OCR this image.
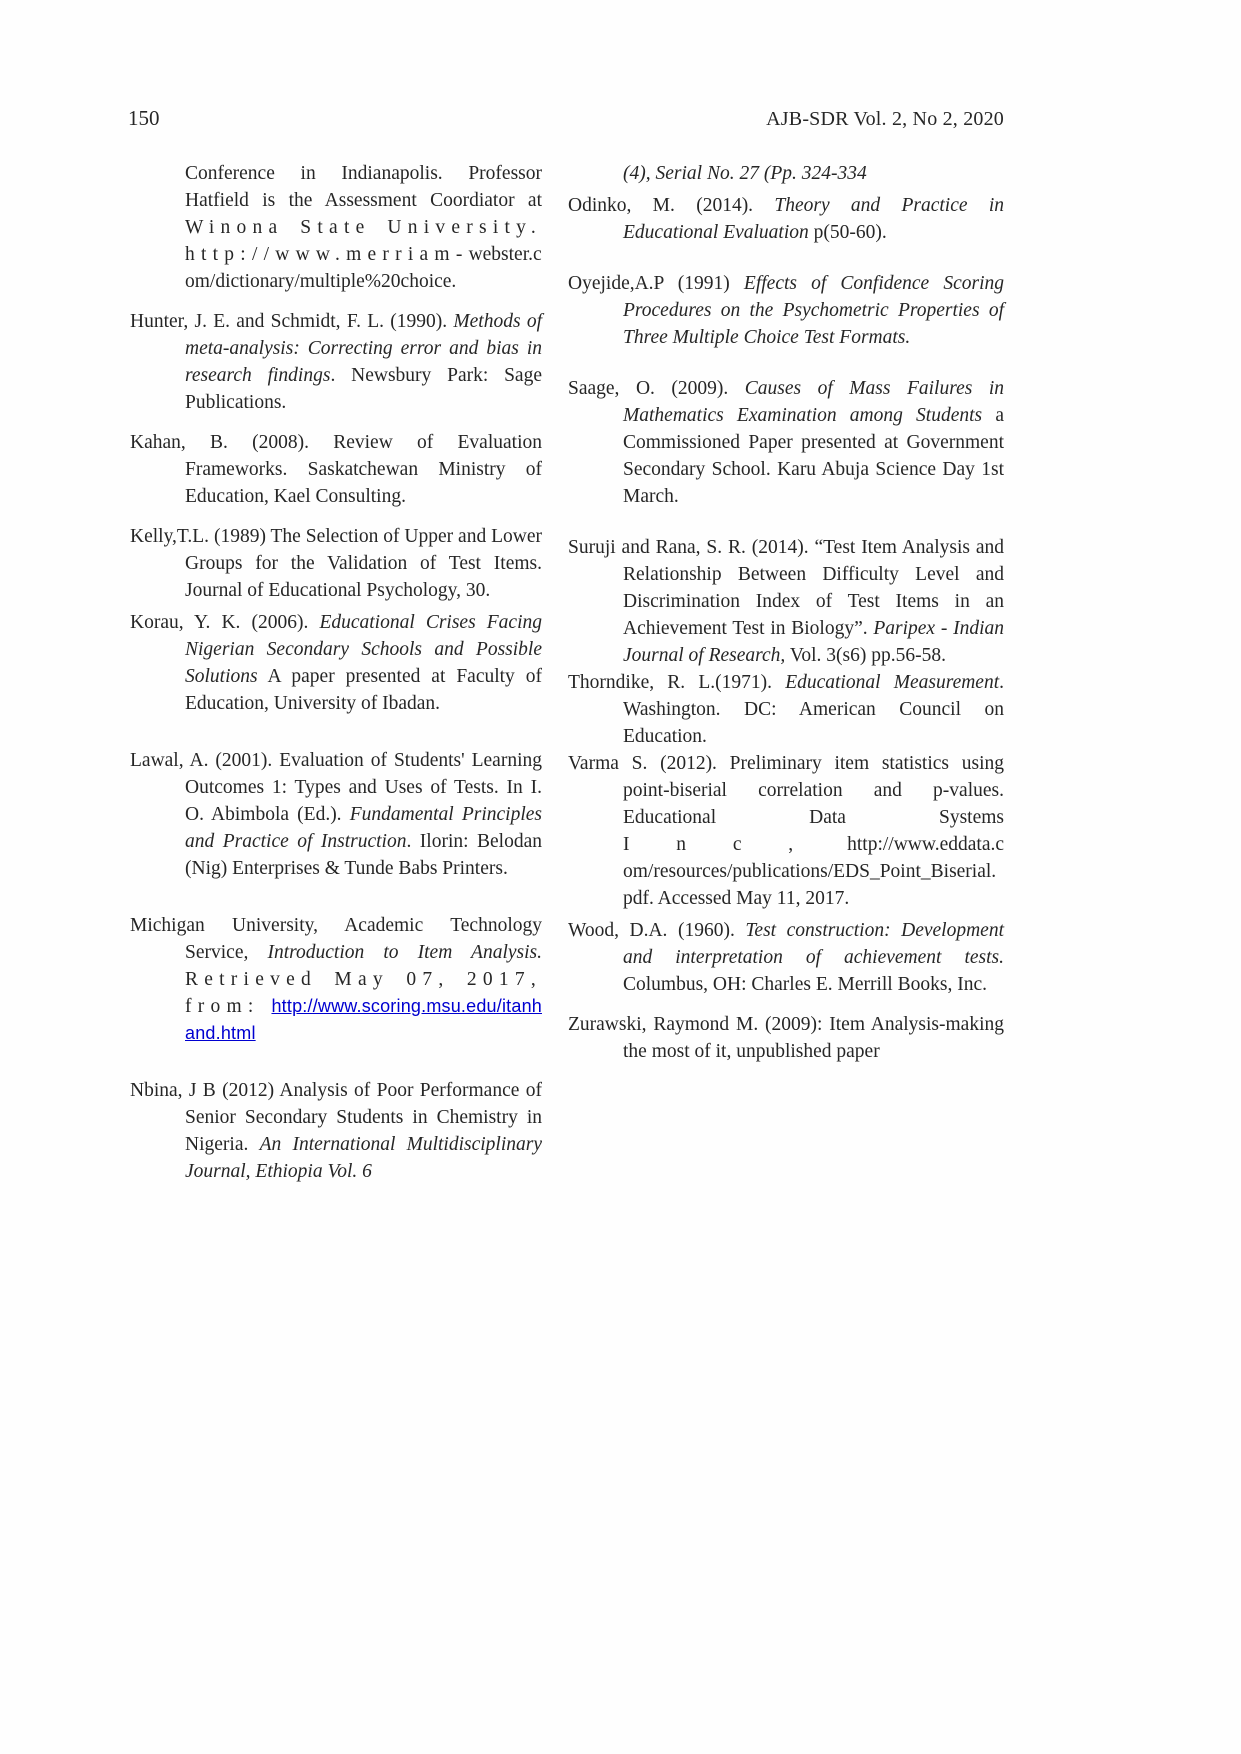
150	AJB-SDR Vol. 2, No 2, 2020

Conference in Indianapolis. Professor Hatfield is the Assessment Coordiator at Winona State University. http://www.merriam-webster.com/dictionary/multiple%20choice.

Hunter, J. E. and Schmidt, F. L. (1990). Methods of meta-analysis: Correcting error and bias in research findings. Newsbury Park: Sage Publications.

Kahan, B. (2008). Review of Evaluation Frameworks. Saskatchewan Ministry of Education, Kael Consulting.

Kelly,T.L. (1989) The Selection of Upper and Lower Groups for the Validation of Test Items. Journal of Educational Psychology, 30.

Korau, Y. K. (2006). Educational Crises Facing Nigerian Secondary Schools and Possible Solutions A paper presented at Faculty of Education, University of Ibadan.

Lawal, A. (2001). Evaluation of Students' Learning Outcomes 1: Types and Uses of Tests. In I. O. Abimbola (Ed.). Fundamental Principles and Practice of Instruction. Ilorin: Belodan (Nig) Enterprises & Tunde Babs Printers.

Michigan University, Academic Technology Service, Introduction to Item Analysis. Retrieved May 07, 2017, from: http://www.scoring.msu.edu/itanhand.html

Nbina, J B (2012) Analysis of Poor Performance of Senior Secondary Students in Chemistry in Nigeria. An International Multidisciplinary Journal, Ethiopia Vol. 6

(4), Serial No. 27 (Pp. 324-334

Odinko, M. (2014). Theory and Practice in Educational Evaluation p(50-60).

Oyejide,A.P (1991) Effects of Confidence Scoring Procedures on the Psychometric Properties of Three Multiple Choice Test Formats.

Saage, O. (2009). Causes of Mass Failures in Mathematics Examination among Students a Commissioned Paper presented at Government Secondary School. Karu Abuja Science Day 1st March.

Suruji and Rana, S. R. (2014). “Test Item Analysis and Relationship Between Difficulty Level and Discrimination Index of Test Items in an Achievement Test in Biology”. Paripex - Indian Journal of Research, Vol. 3(s6) pp.56-58.

Thorndike, R. L.(1971). Educational Measurement. Washington. DC: American Council on Education.

Varma S. (2012). Preliminary item statistics using point-biserial correlation and p-values. Educational Data Systems Inc, http://www.eddata.com/resources/publications/EDS_Point_Biserial.pdf. Accessed May 11, 2017.

Wood, D.A. (1960). Test construction: Development and interpretation of achievement tests. Columbus, OH: Charles E. Merrill Books, Inc.

Zurawski, Raymond M. (2009): Item Analysis-making the most of it, unpublished paper
